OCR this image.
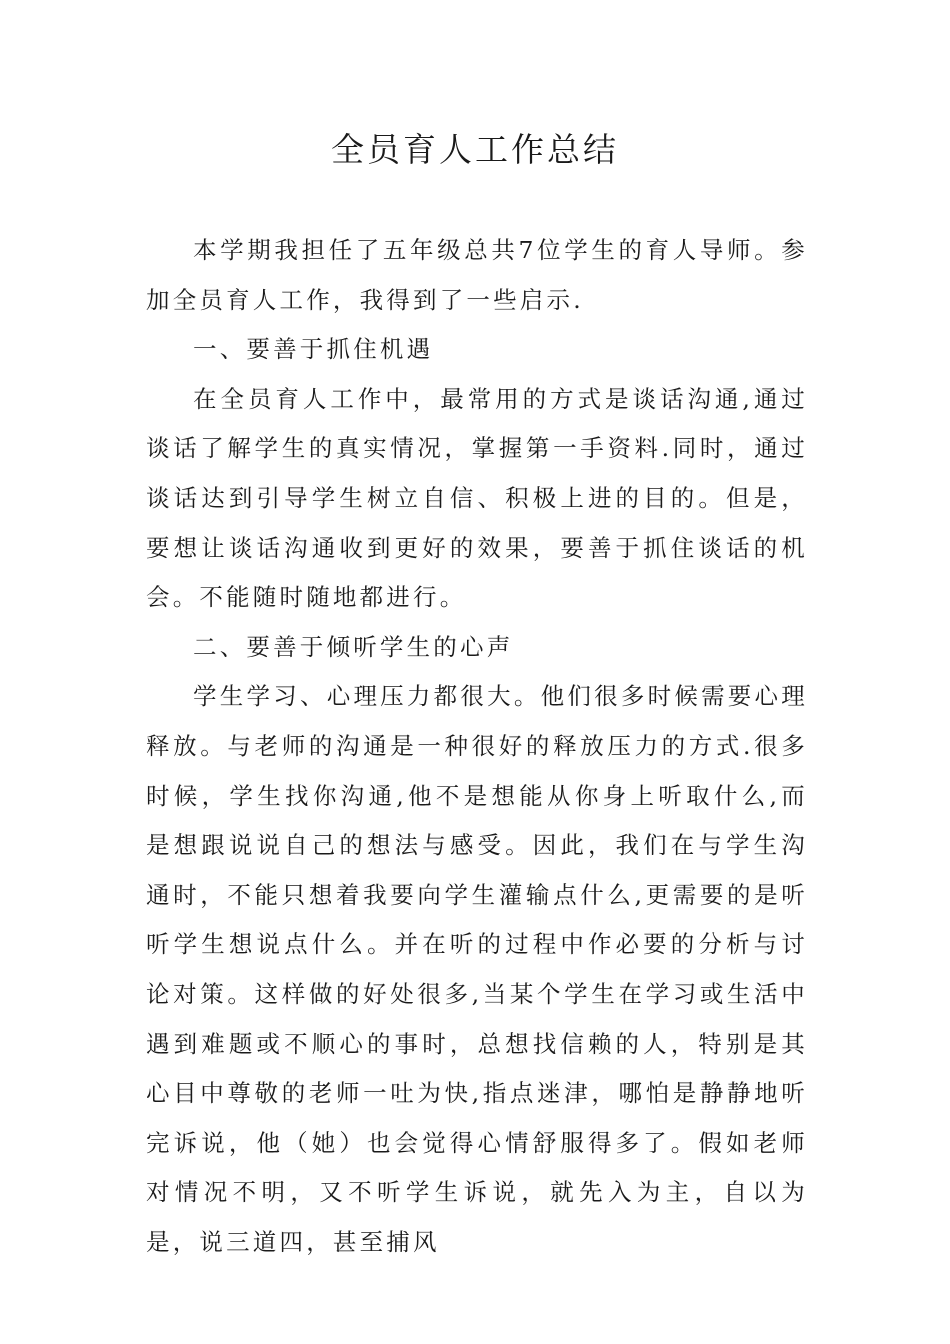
全员育人工作总结

本学期我担任了五年级总共7位学生的育人导师。参加全员育人工作，我得到了一些启示.

一、要善于抓住机遇

在全员育人工作中，最常用的方式是谈话沟通,通过谈话了解学生的真实情况，掌握第一手资料.同时，通过谈话达到引导学生树立自信、积极上进的目的。但是，要想让谈话沟通收到更好的效果，要善于抓住谈话的机会。不能随时随地都进行。

二、要善于倾听学生的心声

学生学习、心理压力都很大。他们很多时候需要心理释放。与老师的沟通是一种很好的释放压力的方式.很多时候，学生找你沟通,他不是想能从你身上听取什么,而是想跟说说自己的想法与感受。因此，我们在与学生沟通时，不能只想着我要向学生灌输点什么,更需要的是听听学生想说点什么。并在听的过程中作必要的分析与讨论对策。这样做的好处很多,当某个学生在学习或生活中遇到难题或不顺心的事时，总想找信赖的人，特别是其心目中尊敬的老师一吐为快,指点迷津，哪怕是静静地听完诉说，他（她）也会觉得心情舒服得多了。假如老师对情况不明，又不听学生诉说，就先入为主，自以为是，说三道四，甚至捕风
